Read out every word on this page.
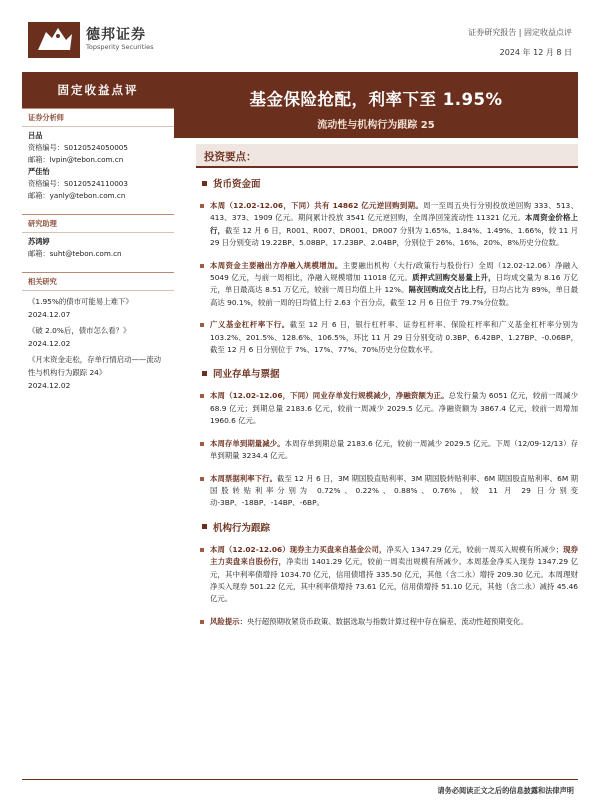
德邦证券
Topsperity Securities
证券研究报告 | 固定收益点评
2024 年 12 月 8 日
固定收益点评
证券分析师
吕品
资格编号：S0120524050005
邮箱：lvpin@tebon.com.cn
严佳怡
资格编号：S0120524110003
邮箱：yanly@tebon.com.cn
研究助理
苏鸿婷
邮箱：suht@tebon.com.cn
相关研究
《1.95%的债市可能易上难下》
2024.12.07
《破 2.0%后，债市怎么看？》
2024.12.02
《月末资金走松，存单行情启动——流动性与机构行为跟踪 24》
2024.12.02
基金保险抢配，利率下至 1.95%
流动性与机构行为跟踪 25
投资要点：
货币资金面
本周（12.02-12.06，下同）共有 14862 亿元逆回购到期。周一至周五央行分别投放逆回购 333、513、413、373、1909 亿元。期间累计投放 3541 亿元逆回购，全周净回笼流动性 11321 亿元。本周资金价格上行，截至 12 月 6 日，R001、R007、DR001、DR007 分别为 1.65%、1.84%、1.49%、1.66%，较 11 月 29 日分别变动 19.22BP、5.08BP、17.23BP、2.04BP，分别位于 26%、16%、20%、8%历史分位数。
本周资金主要融出方净融入规模增加。主要融出机构（大行/政策行与股份行）全周（12.02-12.06）净融入 5049 亿元，与前一周相比，净融入规模增加 11018 亿元。质押式回购交易量上升，日均成交量为 8.16 万亿元，单日最高达 8.51 万亿元，较前一周日均值上升 12%。隔夜回购成交占比上行，日均占比为 89%，单日最高达 90.1%，较前一周的日均值上行 2.63 个百分点，截至 12 月 6 日位于 79.7%分位数。
广义基金杠杆率下行。截至 12 月 6 日，银行杠杆率、证券杠杆率、保险杠杆率和广义基金杠杆率分别为 103.2%、201.5%、128.6%、106.5%，环比 11 月 29 日分别变动 0.3BP、6.42BP、1.27BP、-0.06BP，截至 12 月 6 日分别位于 7%、17%、77%、70%历史分位数水平。
同业存单与票据
本周（12.02-12.06，下同）同业存单发行规模减少，净融资额为正。总发行量为 6051 亿元，较前一周减少 68.9 亿元；到期总量 2183.6 亿元，较前一周减少 2029.5 亿元。净融资额为 3867.4 亿元，较前一周增加 1960.6 亿元。
本周存单到期量减少。本周存单到期总量 2183.6 亿元，较前一周减少 2029.5 亿元。下周（12/09-12/13）存单到期量 3234.4 亿元。
本周票据利率下行。截至 12 月 6 日，3M 期国股直贴利率、3M 期国股转贴利率、6M 期国股直贴利率、6M 期国股转贴利率分别为 0.72%、0.22%、0.88%、0.76%，较 11 月 29 日分别变动-3BP、-18BP、-14BP、-6BP。
机构行为跟踪
本周（12.02-12.06）现券主力买盘来自基金公司，净买入 1347.29 亿元，较前一周买入规模有所减少；现券主力卖盘来自股份行，净卖出 1401.29 亿元，较前一周卖出规模有所减少。本周基金净买入现券 1347.29 亿元，其中利率债增持 1034.70 亿元，信用债增持 335.50 亿元，其他（含二永）增持 209.30 亿元。本周理财净买入现券 501.22 亿元，其中利率债增持 73.61 亿元，信用债增持 51.10 亿元，其他（含二永）减持 45.46 亿元。
风险提示：央行超预期收紧货币政策、数据选取与指数计算过程中存在偏差、流动性超预期变化。
请务必阅读正文之后的信息披露和法律声明
